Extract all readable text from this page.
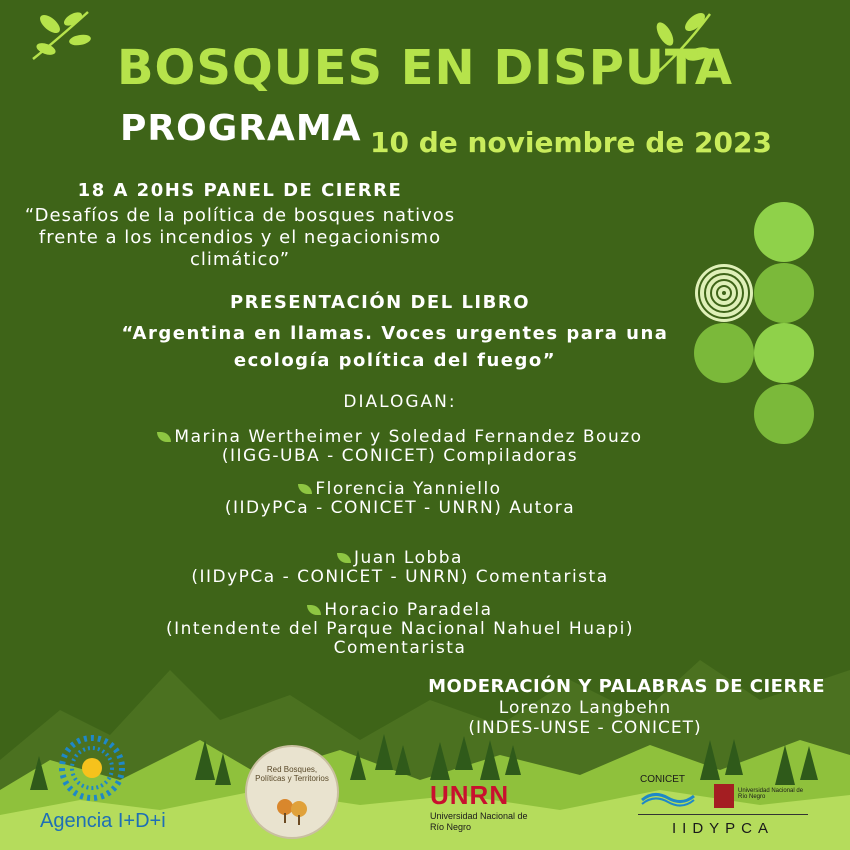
BOSQUES EN DISPUTA
PROGRAMA 10 de noviembre de 2023
18 A 20HS PANEL DE CIERRE
“Desafíos de la política de bosques nativos frente a los incendios y el negacionismo climático”
PRESENTACIÓN DEL LIBRO
“Argentina en llamas. Voces urgentes para una ecología política del fuego”
DIALOGAN:
Marina Wertheimer y Soledad Fernandez Bouzo
(IIGG-UBA - CONICET) Compiladoras
Florencia Yanniello
(IIDyPCa - CONICET - UNRN) Autora
Juan Lobba
(IIDyPCa - CONICET - UNRN) Comentarista
Horacio Paradela
(Intendente del Parque Nacional Nahuel Huapi)
Comentarista
MODERACIÓN Y PALABRAS DE CIERRE
Lorenzo Langbehn
(INDES-UNSE - CONICET)
Agencia I+D+i
Red Bosques, Políticas y Territorios
UNRN
Universidad Nacional de Río Negro
CONICET
Universidad Nacional de Río Negro
IIDYPCA
